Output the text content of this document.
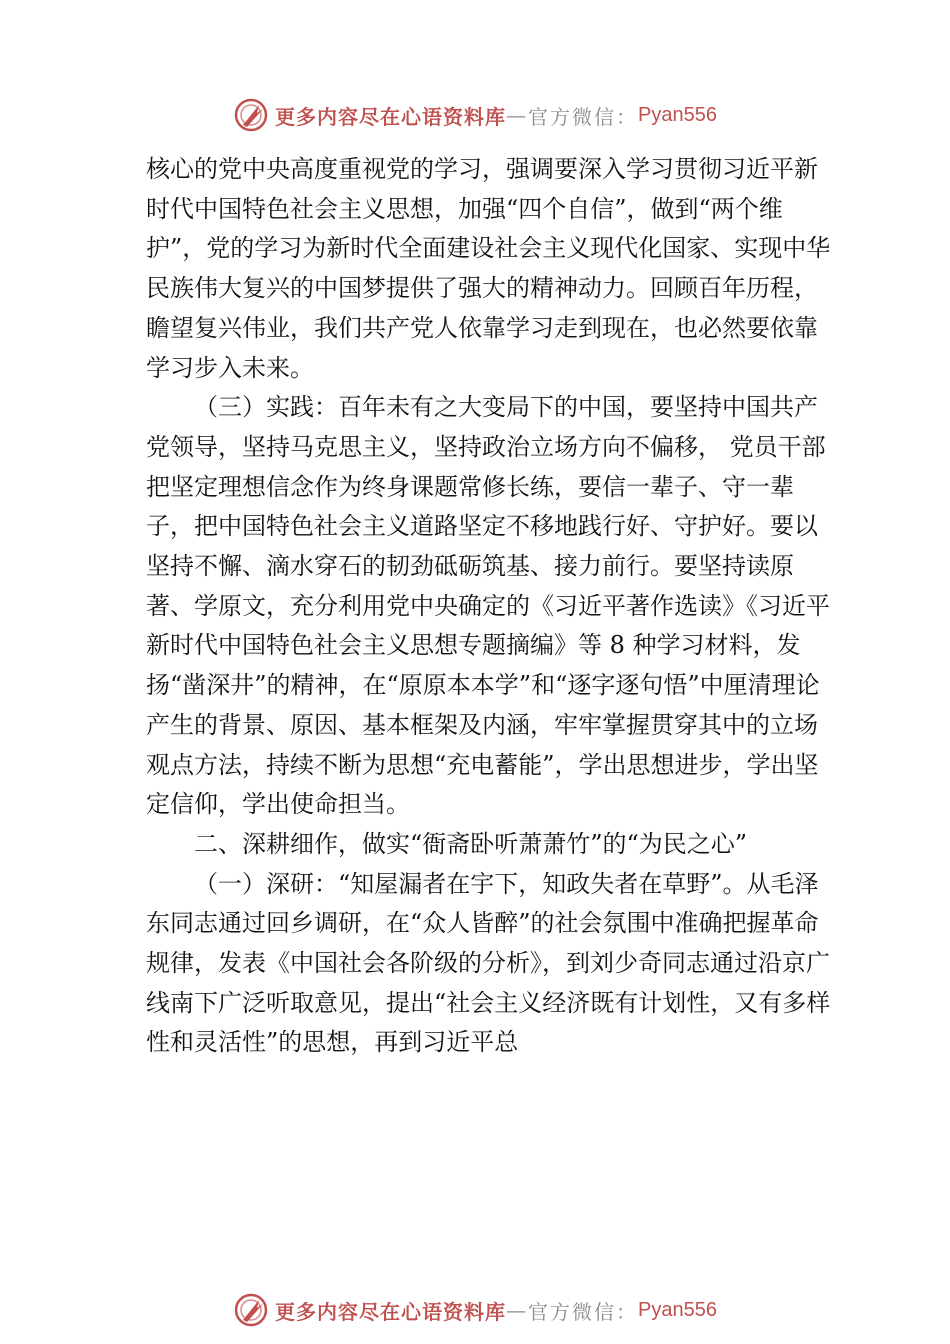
更多内容尽在心语资料库 — 官方微信： Pyan556

核心的党中央高度重视党的学习，强调要深入学习贯彻习近平新时代中国特色社会主义思想，加强“四个自信”，做到“两个维护”，党的学习为新时代全面建设社会主义现代化国家、实现中华民族伟大复兴的中国梦提供了强大的精神动力。回顾百年历程，瞻望复兴伟业，我们共产党人依靠学习走到现在，也必然要依靠学习步入未来。

（三）实践：百年未有之大变局下的中国，要坚持中国共产党领导，坚持马克思主义，坚持政治立场方向不偏移， 党员干部把坚定理想信念作为终身课题常修长练，要信一辈子、守一辈子，把中国特色社会主义道路坚定不移地践行好、守护好。要以坚持不懈、滴水穿石的韧劲砥砺筑基、接力前行。要坚持读原著、学原文，充分利用党中央确定的《习近平著作选读》《习近平新时代中国特色社会主义思想专题摘编》等 8 种学习材料，发扬“凿深井”的精神，在“原原本本学”和“逐字逐句悟”中厘清理论产生的背景、原因、基本框架及内涵，牢牢掌握贯穿其中的立场观点方法，持续不断为思想“充电蓄能”，学出思想进步，学出坚定信仰，学出使命担当。

二、深耕细作，做实“衙斋卧听萧萧竹”的“为民之心”

（一）深研：“知屋漏者在宇下，知政失者在草野”。从毛泽东同志通过回乡调研，在“众人皆醉”的社会氛围中准确把握革命规律，发表《中国社会各阶级的分析》，到刘少奇同志通过沿京广线南下广泛听取意见，提出“社会主义经济既有计划性，又有多样性和灵活性”的思想，再到习近平总

更多内容尽在心语资料库 — 官方微信： Pyan556
